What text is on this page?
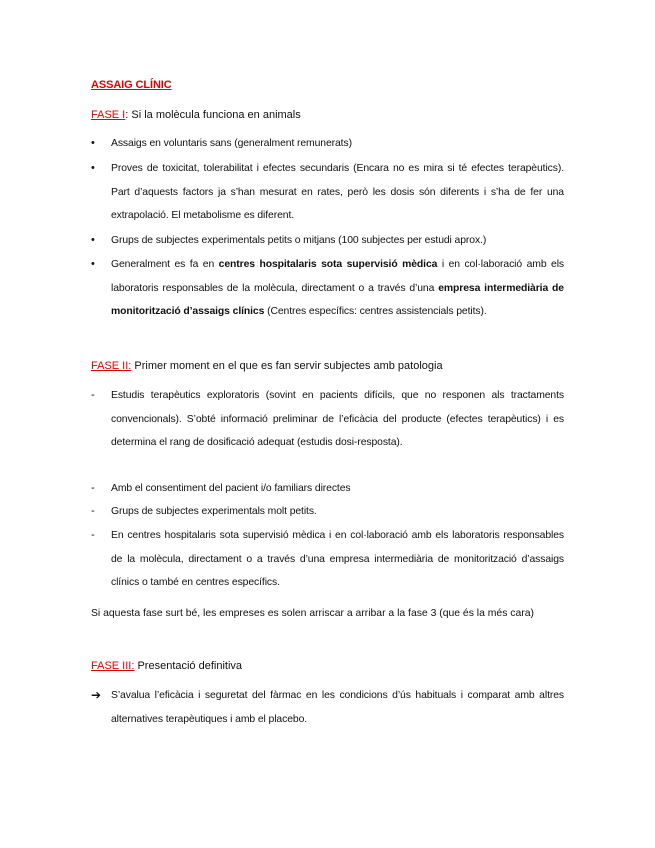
ASSAIG CLÍNIC
FASE I: Si la molècula funciona en animals
•	Assaigs en voluntaris sans (generalment remunerats)
•	Proves de toxicitat, tolerabilitat i efectes secundaris (Encara no es mira si té efectes terapèutics). Part d’aquests factors ja s’han mesurat en rates, però les dosis són diferents i s’ha de fer una extrapolació. El metabolisme es diferent.
•	Grups de subjectes experimentals petits o mitjans (100 subjectes per estudi aprox.)
•	Generalment es fa en centres hospitalaris sota supervisió mèdica i en col·laboració amb els laboratoris responsables de la molècula, directament o a través d’una empresa intermediària de monitorització d’assaigs clínics (Centres específics: centres assistencials petits).
FASE II: Primer moment en el que es fan servir subjectes amb patologia
-	Estudis terapèutics exploratoris (sovint en pacients difícils, que no responen als tractaments convencionals). S’obté informació preliminar de l’eficàcia del producte (efectes terapèutics) i es determina el rang de dosificació adequat (estudis dosi-resposta).
-	Amb el consentiment del pacient i/o familiars directes
-	Grups de subjectes experimentals molt petits.
-	En centres hospitalaris sota supervisió mèdica i en col·laboració amb els laboratoris responsables de la molècula, directament o a través d’una empresa intermediària de monitorització d’assaigs clínics o també en centres específics.
Si aquesta fase surt bé, les empreses es solen arriscar a arribar a la fase 3 (que és la més cara)
FASE III: Presentació definitiva
➔ S’avalua l’eficàcia i seguretat del fàrmac en les condicions d’ús habituals i comparat amb altres alternatives terapèutiques i amb el placebo.
